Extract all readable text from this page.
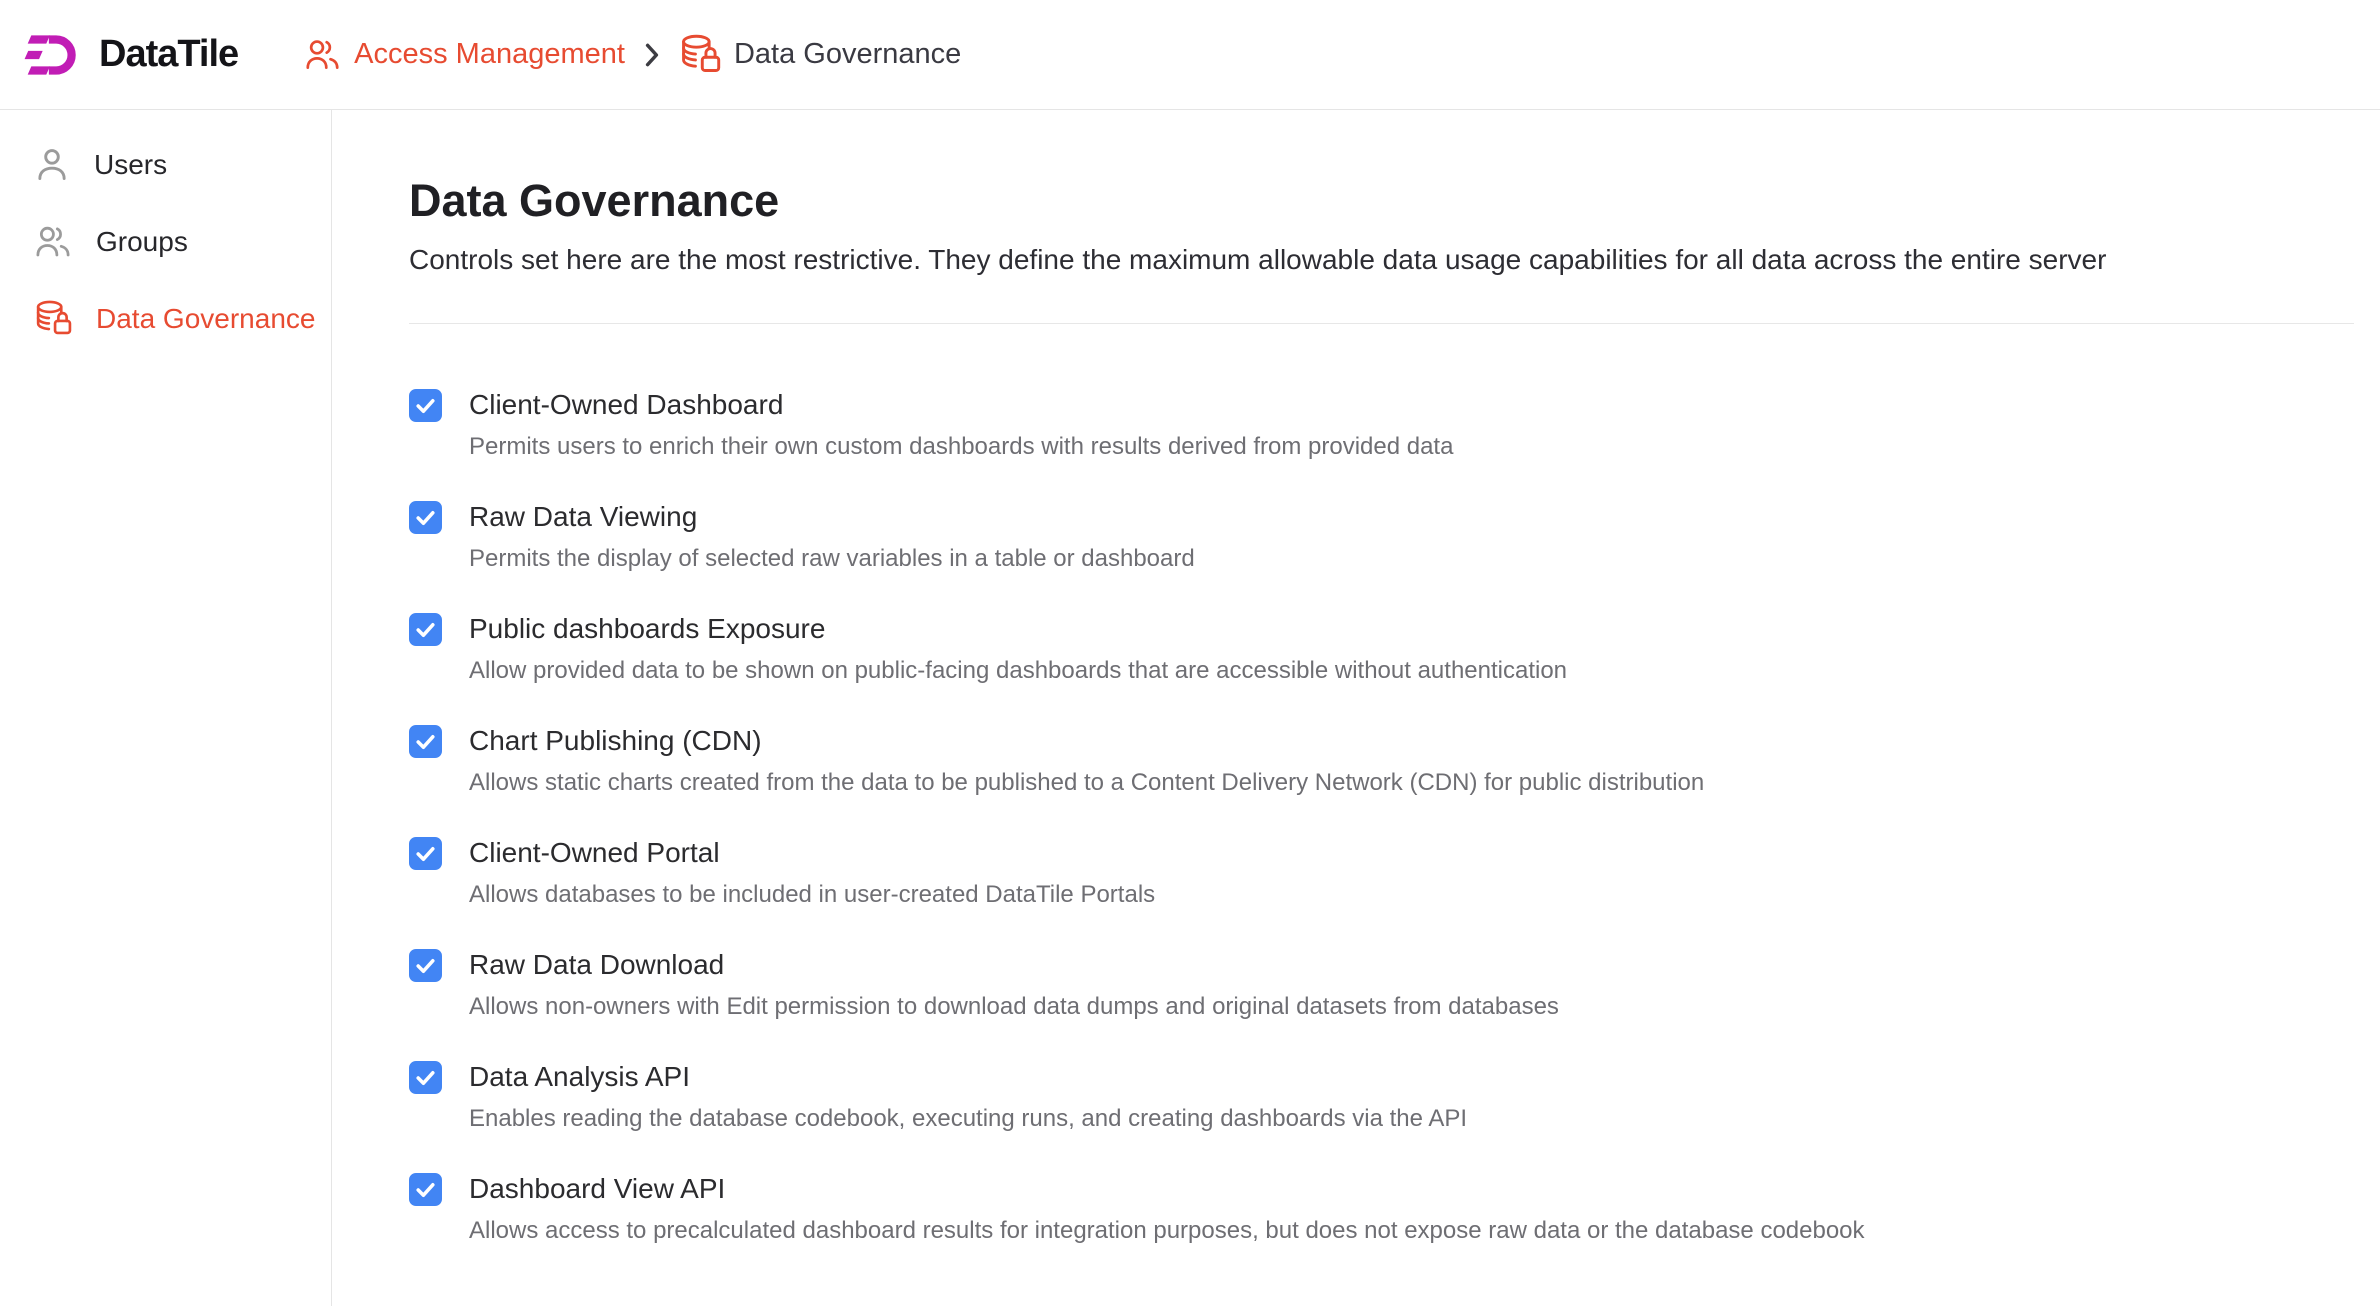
DataTile	Access Management	Data Governance
Users
Groups
Data Governance
Data Governance
Controls set here are the most restrictive. They define the maximum allowable data usage capabilities for all data across the entire server
Client-Owned Dashboard
Permits users to enrich their own custom dashboards with results derived from provided data
Raw Data Viewing
Permits the display of selected raw variables in a table or dashboard
Public dashboards Exposure
Allow provided data to be shown on public-facing dashboards that are accessible without authentication
Chart Publishing (CDN)
Allows static charts created from the data to be published to a Content Delivery Network (CDN) for public distribution
Client-Owned Portal
Allows databases to be included in user-created DataTile Portals
Raw Data Download
Allows non-owners with Edit permission to download data dumps and original datasets from databases
Data Analysis API
Enables reading the database codebook, executing runs, and creating dashboards via the API
Dashboard View API
Allows access to precalculated dashboard results for integration purposes, but does not expose raw data or the database codebook
